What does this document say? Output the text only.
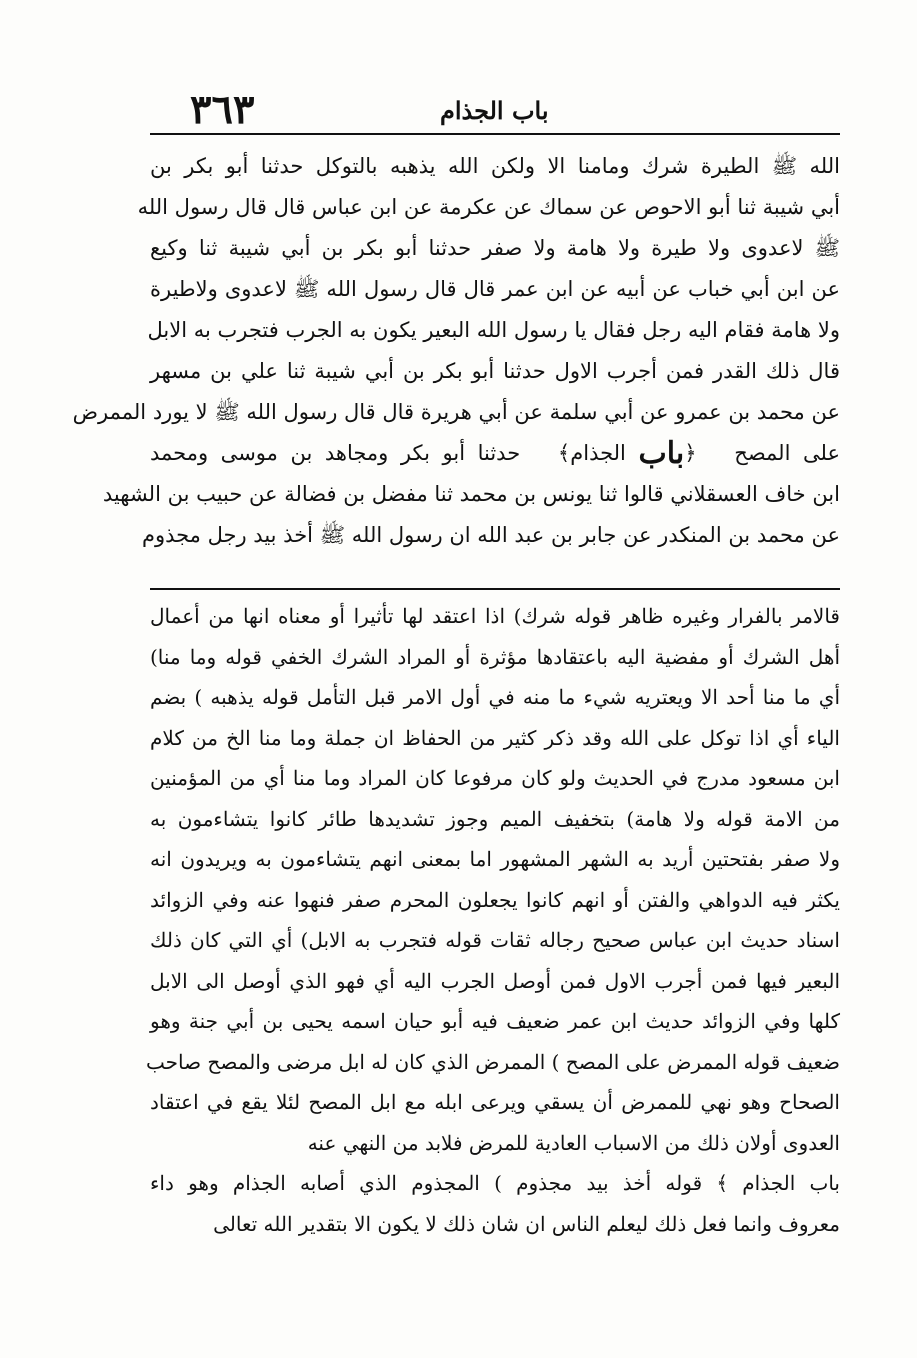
٣٦٣	باب الجذام
الله ﷺ الطيرة شرك ومامنا الا ولكن الله يذهبه بالتوكل حدثنا أبو بكر بن
أبي شيبة ثنا أبو الاحوص عن سماك عن عكرمة عن ابن عباس قال قال رسول الله
ﷺ لاعدوى ولا طيرة ولا هامة ولا صفر حدثنا أبو بكر بن أبي شيبة ثنا وكيع
عن ابن أبي خباب عن أبيه عن ابن عمر قال قال رسول الله ﷺ لاعدوى ولاطيرة
ولا هامة فقام اليه رجل فقال يا رسول الله البعير يكون به الجرب فتجرب به الابل
قال ذلك القدر فمن أجرب الاول حدثنا أبو بكر بن أبي شيبة ثنا علي بن مسهر
عن محمد بن عمرو عن أبي سلمة عن أبي هريرة قال قال رسول الله ﷺ لا يورد الممرض
على المصح   ﴿باب الجذام﴾   حدثنا أبو بكر ومجاهد بن موسى ومحمد
ابن خاف العسقلاني قالوا ثنا يونس بن محمد ثنا مفضل بن فضالة عن حبيب بن الشهيد
عن محمد بن المنكدر عن جابر بن عبد الله ان رسول الله ﷺ أخذ بيد رجل مجذوم
قالامر بالفرار وغيره ظاهر قوله شرك) اذا اعتقد لها تأثيرا أو معناه انها من أعمال
أهل الشرك أو مفضية اليه باعتقادها مؤثرة أو المراد الشرك الخفي قوله وما منا)
أي ما منا أحد الا ويعتريه شيء ما منه في أول الامر قبل التأمل قوله يذهبه ) بضم
الياء أي اذا توكل على الله وقد ذكر كثير من الحفاظ ان جملة وما منا الخ من كلام
ابن مسعود مدرج في الحديث ولو كان مرفوعا كان المراد وما منا أي من المؤمنين
من الامة قوله ولا هامة) بتخفيف الميم وجوز تشديدها طائر كانوا يتشاءمون به
ولا صفر بفتحتين أريد به الشهر المشهور اما بمعنى انهم يتشاءمون به ويريدون انه
يكثر فيه الدواهي والفتن أو انهم كانوا يجعلون المحرم صفر فنهوا عنه وفي الزوائد
اسناد حديث ابن عباس صحيح رجاله ثقات قوله فتجرب به الابل) أي التي كان ذلك
البعير فيها فمن أجرب الاول فمن أوصل الجرب اليه أي فهو الذي أوصل الى الابل
كلها وفي الزوائد حديث ابن عمر ضعيف فيه أبو حيان اسمه يحيى بن أبي جنة وهو
ضعيف قوله الممرض على المصح ) الممرض الذي كان له ابل مرضى والمصح صاحب
الصحاح وهو نهي للممرض أن يسقي ويرعى ابله مع ابل المصح لئلا يقع في اعتقاد
العدوى أولان ذلك من الاسباب العادية للمرض فلابد من النهي عنه
باب الجذام ﴾ قوله أخذ بيد مجذوم ) المجذوم الذي أصابه الجذام وهو داء
معروف وانما فعل ذلك ليعلم الناس ان شان ذلك لا يكون الا بتقدير الله تعالى
